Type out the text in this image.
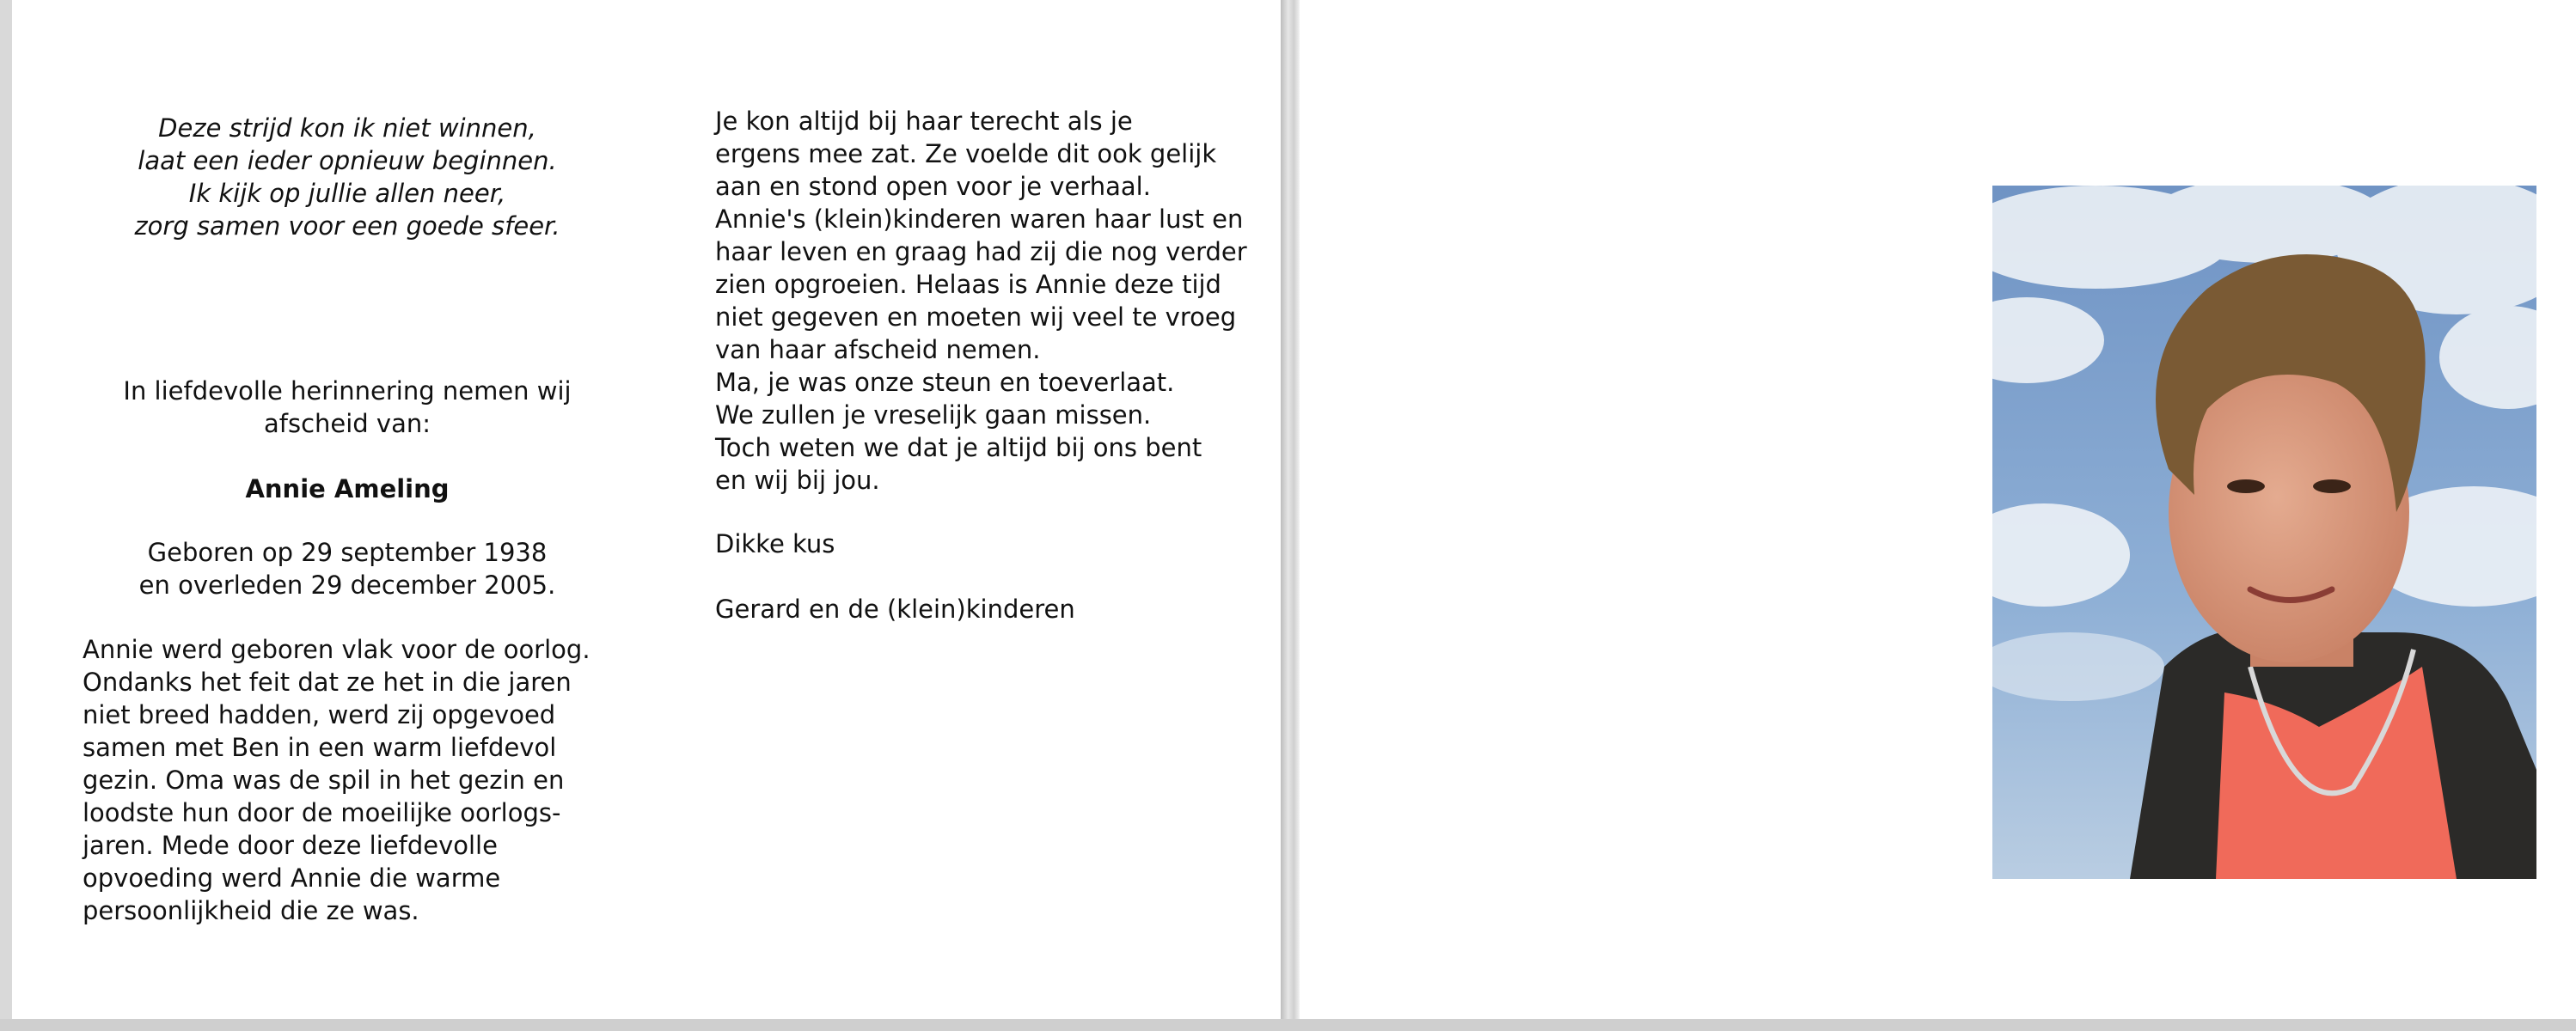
Deze strijd kon ik niet winnen,
laat een ieder opnieuw beginnen.
Ik kijk op jullie allen neer,
zorg samen voor een goede sfeer.
In liefdevolle herinnering nemen wij
afscheid van:
Annie Ameling
Geboren op 29 september 1938
en overleden 29 december 2005.
Annie werd geboren vlak voor de oorlog.
Ondanks het feit dat ze het in die jaren
niet breed hadden, werd zij opgevoed
samen met Ben in een warm liefdevol
gezin. Oma was de spil in het gezin en
loodste hun door de moeilijke oorlogs-
jaren. Mede door deze liefdevolle
opvoeding werd Annie die warme
persoonlijkheid die ze was.
Je kon altijd bij haar terecht als je
ergens mee zat. Ze voelde dit ook gelijk
aan en stond open voor je verhaal.
Annie's (klein)kinderen waren haar lust en
haar leven en graag had zij die nog verder
zien opgroeien. Helaas is Annie deze tijd
niet gegeven en moeten wij veel te vroeg
van haar afscheid nemen.
Ma, je was onze steun en toeverlaat.
We zullen je vreselijk gaan missen.
Toch weten we dat je altijd bij ons bent
en wij bij jou.
Dikke kus
Gerard en de (klein)kinderen
